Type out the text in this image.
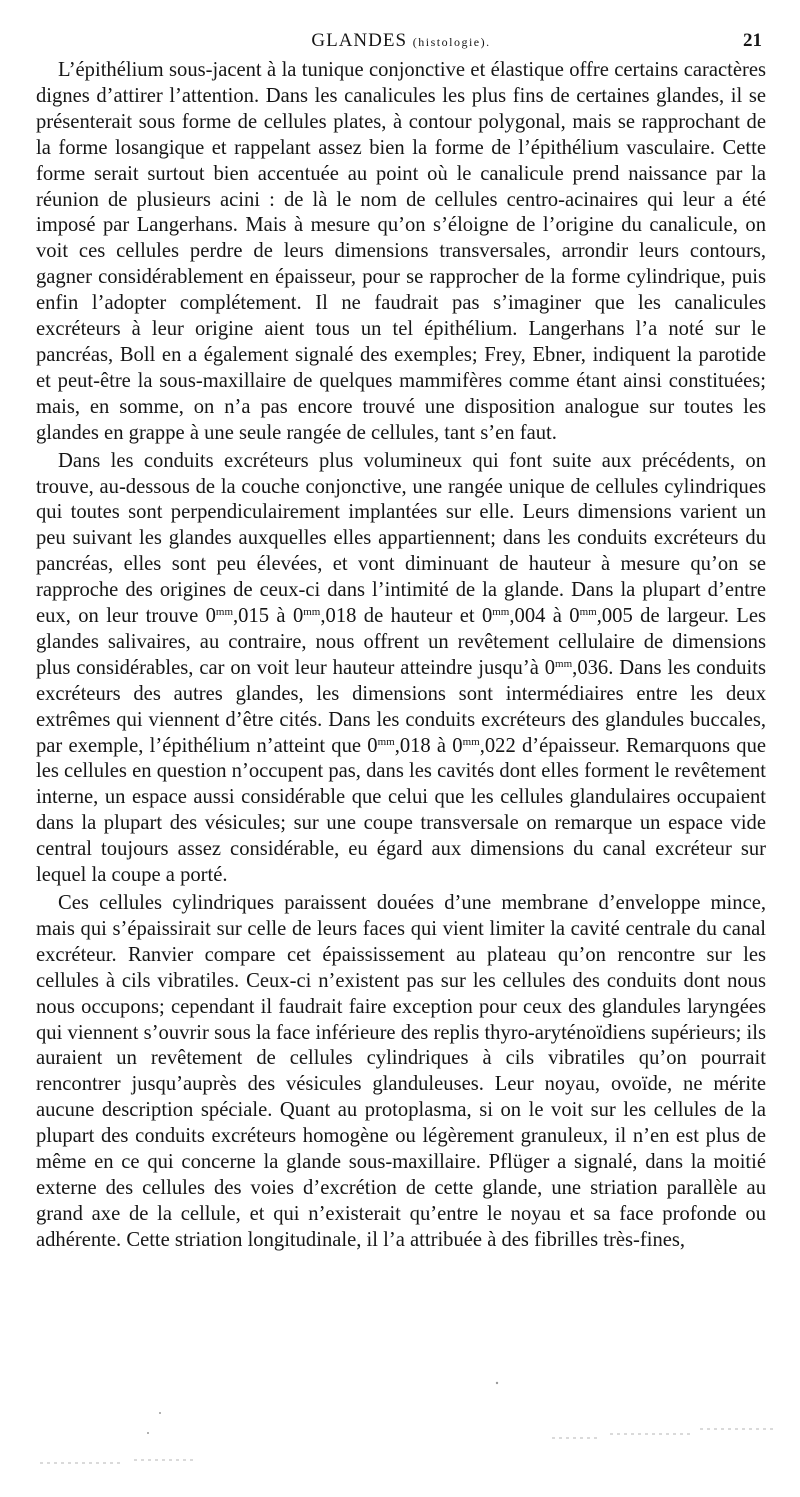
GLANDES (histologie).	21

L’épithélium sous-jacent à la tunique conjonctive et élastique offre certains caractères dignes d’attirer l’attention. Dans les canalicules les plus fins de certaines glandes, il se présenterait sous forme de cellules plates, à contour polygonal, mais se rapprochant de la forme losangique et rappelant assez bien la forme de l’épithélium vasculaire. Cette forme serait surtout bien accentuée au point où le canalicule prend naissance par la réunion de plusieurs acini : de là le nom de cellules centro-acinaires qui leur a été imposé par Langerhans. Mais à mesure qu’on s’éloigne de l’origine du canalicule, on voit ces cellules perdre de leurs dimensions transversales, arrondir leurs contours, gagner considérablement en épaisseur, pour se rapprocher de la forme cylindrique, puis enfin l’adopter complétement. Il ne faudrait pas s’imaginer que les canalicules excréteurs à leur origine aient tous un tel épithélium. Langerhans l’a noté sur le pancréas, Boll en a également signalé des exemples; Frey, Ebner, indiquent la parotide et peut-être la sous-maxillaire de quelques mammifères comme étant ainsi constituées; mais, en somme, on n’a pas encore trouvé une disposition analogue sur toutes les glandes en grappe à une seule rangée de cellules, tant s’en faut.

Dans les conduits excréteurs plus volumineux qui font suite aux précédents, on trouve, au-dessous de la couche conjonctive, une rangée unique de cellules cylindriques qui toutes sont perpendiculairement implantées sur elle. Leurs dimensions varient un peu suivant les glandes auxquelles elles appartiennent; dans les conduits excréteurs du pancréas, elles sont peu élevées, et vont diminuant de hauteur à mesure qu’on se rapproche des origines de ceux-ci dans l’intimité de la glande. Dans la plupart d’entre eux, on leur trouve $0^{mm},015$ à $0^{mm},018$ de hauteur et $0^{mm},004$ à $0^{mm},005$ de largeur. Les glandes salivaires, au contraire, nous offrent un revêtement cellulaire de dimensions plus considérables, car on voit leur hauteur atteindre jusqu’à $0^{mm},036$. Dans les conduits excréteurs des autres glandes, les dimensions sont intermédiaires entre les deux extrêmes qui viennent d’être cités. Dans les conduits excréteurs des glandules buccales, par exemple, l’épithélium n’atteint que $0^{mm},018$ à $0^{mm},022$ d’épaisseur. Remarquons que les cellules en question n’occupent pas, dans les cavités dont elles forment le revêtement interne, un espace aussi considérable que celui que les cellules glandulaires occupaient dans la plupart des vésicules; sur une coupe transversale on remarque un espace vide central toujours assez considérable, eu égard aux dimensions du canal excréteur sur lequel la coupe a porté.

Ces cellules cylindriques paraissent douées d’une membrane d’enveloppe mince, mais qui s’épaissirait sur celle de leurs faces qui vient limiter la cavité centrale du canal excréteur. Ranvier compare cet épaississement au plateau qu’on rencontre sur les cellules à cils vibratiles. Ceux-ci n’existent pas sur les cellules des conduits dont nous nous occupons; cependant il faudrait faire exception pour ceux des glandules laryngées qui viennent s’ouvrir sous la face inférieure des replis thyro-aryténoïdiens supérieurs; ils auraient un revêtement de cellules cylindriques à cils vibratiles qu’on pourrait rencontrer jusqu’auprès des vésicules glanduleuses. Leur noyau, ovoïde, ne mérite aucune description spéciale. Quant au protoplasma, si on le voit sur les cellules de la plupart des conduits excréteurs homogène ou légèrement granuleux, il n’en est plus de même en ce qui concerne la glande sous-maxillaire. Pflüger a signalé, dans la moitié externe des cellules des voies d’excrétion de cette glande, une striation parallèle au grand axe de la cellule, et qui n’existerait qu’entre le noyau et sa face profonde ou adhérente. Cette striation longitudinale, il l’a attribuée à des fibrilles très-fines,
